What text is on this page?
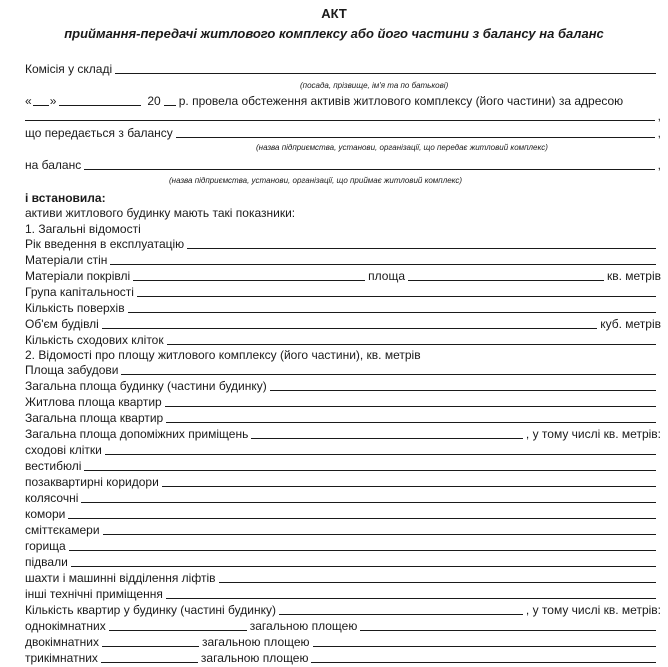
АКТ
приймання-передачі житлового комплексу або його частини з балансу на баланс
Комісія у складі
(посада, прізвище, ім'я та по батькові)
« »	20 р. провела обстеження активів житлового комплексу (його частини) за адресою
,
що передається з балансу	,
(назва підприємства, установи, організації, що передає житловий комплекс)
на баланс	,
(назва підприємства, установи, організації, що приймає житловий комплекс)
і встановила:
активи житлового будинку мають такі показники:
1. Загальні відомості
Рік введення в експлуатацію
Матеріали стін
Матеріали покрівлі	площа	кв. метрів
Група капітальності
Кількість поверхів
Об'єм будівлі	куб. метрів
Кількість сходових кліток
2. Відомості про площу житлового комплексу (його частини), кв. метрів
Площа забудови
Загальна площа будинку (частини будинку)
Житлова площа квартир
Загальна площа квартир
Загальна площа допоміжних приміщень	, у тому числі кв. метрів:
сходові клітки
вестибюлі
позаквартирні коридори
колясочні
комори
сміттєкамери
горища
підвали
шахти і машинні відділення ліфтів
інші технічні приміщення
Кількість квартир у будинку (частині будинку)	, у тому числі кв. метрів:
однокімнатних	загальною площею
двокімнатних	загальною площею
трикімнатних	загальною площею
